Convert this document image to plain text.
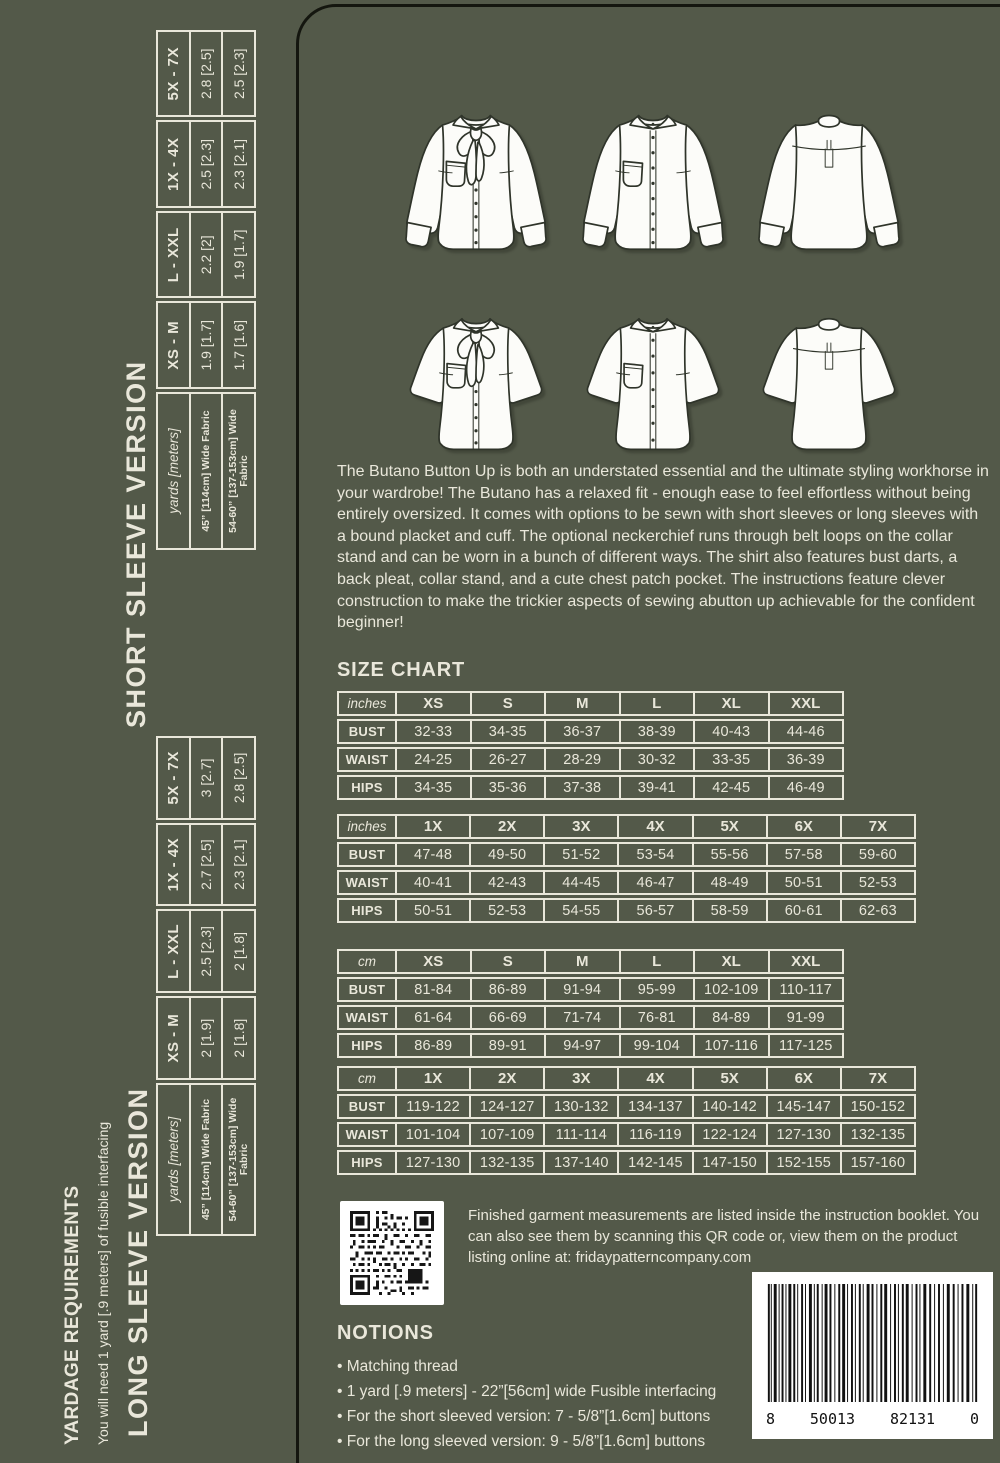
SHORT SLEEVE VERSION	yards [meters]	45” [114cm] Wide Fabric	54-60” [137-153cm] Wide Fabric
XS - M	1.9 [1.7]	1.7 [1.6]
L - XXL	2.2 [2]	1.9 [1.7]
1X - 4X	2.5 [2.3]	2.3 [2.1]
5X - 7X	2.8 [2.5]	2.5 [2.3]
LONG SLEEVE VERSION yards [meters]	45” [114cm] Wide Fabric	54-60” [137-153cm] Wide Fabric
XS - M	2 [1.9]	2 [1.8]
L - XXL	2.5 [2.3]	2 [1.8]
1X - 4X	2.7 [2.5]	2.3 [2.1]
5X - 7X	3 [2.7]	2.8 [2.5]
YARDAGE REQUIREMENTS You will need 1 yard [.9 meters] of fusible interfacing
The Butano Button Up is both an understated essential and the ultimate styling workhorse in your wardrobe! The Butano has a relaxed fit - enough ease to feel effortless without being entirely oversized. It comes with options to be sewn with short sleeves or long sleeves with a bound placket and cuff. The optional neckerchief runs through belt loops on the collar stand and can be worn in a bunch of different ways. The shirt also features bust darts, a back pleat, collar stand, and a cute chest patch pocket. The instructions feature clever construction to make the trickier aspects of sewing abutton up achievable for the confident beginner!
SIZE CHART
inches	XS	S	M	L	XL	XXL
BUST	32-33	34-35	36-37	38-39	40-43	44-46
WAIST	24-25	26-27	28-29	30-32	33-35	36-39
HIPS	34-35	35-36	37-38	39-41	42-45	46-49
inches	1X	2X	3X	4X	5X	6X	7X
BUST	47-48	49-50	51-52	53-54	55-56	57-58	59-60
WAIST	40-41	42-43	44-45	46-47	48-49	50-51	52-53
HIPS	50-51	52-53	54-55	56-57	58-59	60-61	62-63
cm	XS	S	M	L	XL	XXL
BUST	81-84	86-89	91-94	95-99	102-109	110-117
WAIST	61-64	66-69	71-74	76-81	84-89	91-99
HIPS	86-89	89-91	94-97	99-104	107-116	117-125
cm	1X	2X	3X	4X	5X	6X	7X
BUST	119-122	124-127	130-132	134-137	140-142	145-147	150-152
WAIST	101-104	107-109	111-114	116-119	122-124	127-130	132-135
HIPS	127-130	132-135	137-140	142-145	147-150	152-155	157-160
Finished garment measurements are listed inside the instruction booklet. You can also see them by scanning this QR code or, view them on the product listing online at: fridaypatterncompany.com
NOTIONS
• Matching thread
• 1 yard [.9 meters] - 22”[56cm] wide Fusible interfacing
• For the short sleeved version: 7 - 5/8”[1.6cm] buttons
• For the long sleeved version: 9 - 5/8”[1.6cm] buttons
8 50013 82131 0
